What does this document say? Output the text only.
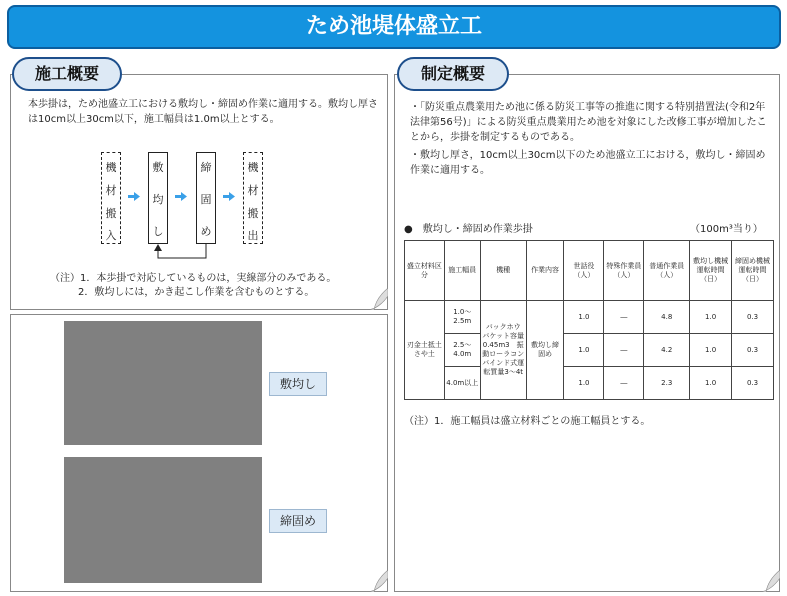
ため池堤体盛立工
施工概要
本歩掛は，ため池盛立工における敷均し・締固め作業に適用する。敷均し厚さは10cm以上30cm以下，施工幅員は1.0m以上とする。
機
材
搬
入
敷
均
し
締
固
め
機
材
搬
出
（注）1．本歩掛で対応しているものは，実線部分のみである。
2．敷均しには，かき起こし作業を含むものとする。
敷均し
締固め
制定概要
・「防災重点農業用ため池に係る防災工事等の推進に関する特別措置法(令和2年法律第56号)」による防災重点農業用ため池を対象にした改修工事が増加したことから，歩掛を制定するものである。
・敷均し厚さ，10cm以上30cm以下のため池盛立工における，敷均し・締固め作業に適用する。
●　敷均し・締固め作業歩掛	（100m³当り）
盛立材料区分	施工幅員	機種	作業内容	世話役（人）	特殊作業員（人）	普通作業員（人）	敷均し機械運転時間（日）	締固め機械運転時間（日）
刃金土抵土さや土	1.0～2.5m	バックホウ　バケット容量0.45m3　振動ローラコンバインド式運転質量3～4t	敷均し締固め	1.0	―	4.8	1.0	0.3
	2.5～4.0m			1.0	―	4.2	1.0	0.3
	4.0m以上			1.0	―	2.3	1.0	0.3
（注）1．施工幅員は盛立材料ごとの施工幅員とする。
